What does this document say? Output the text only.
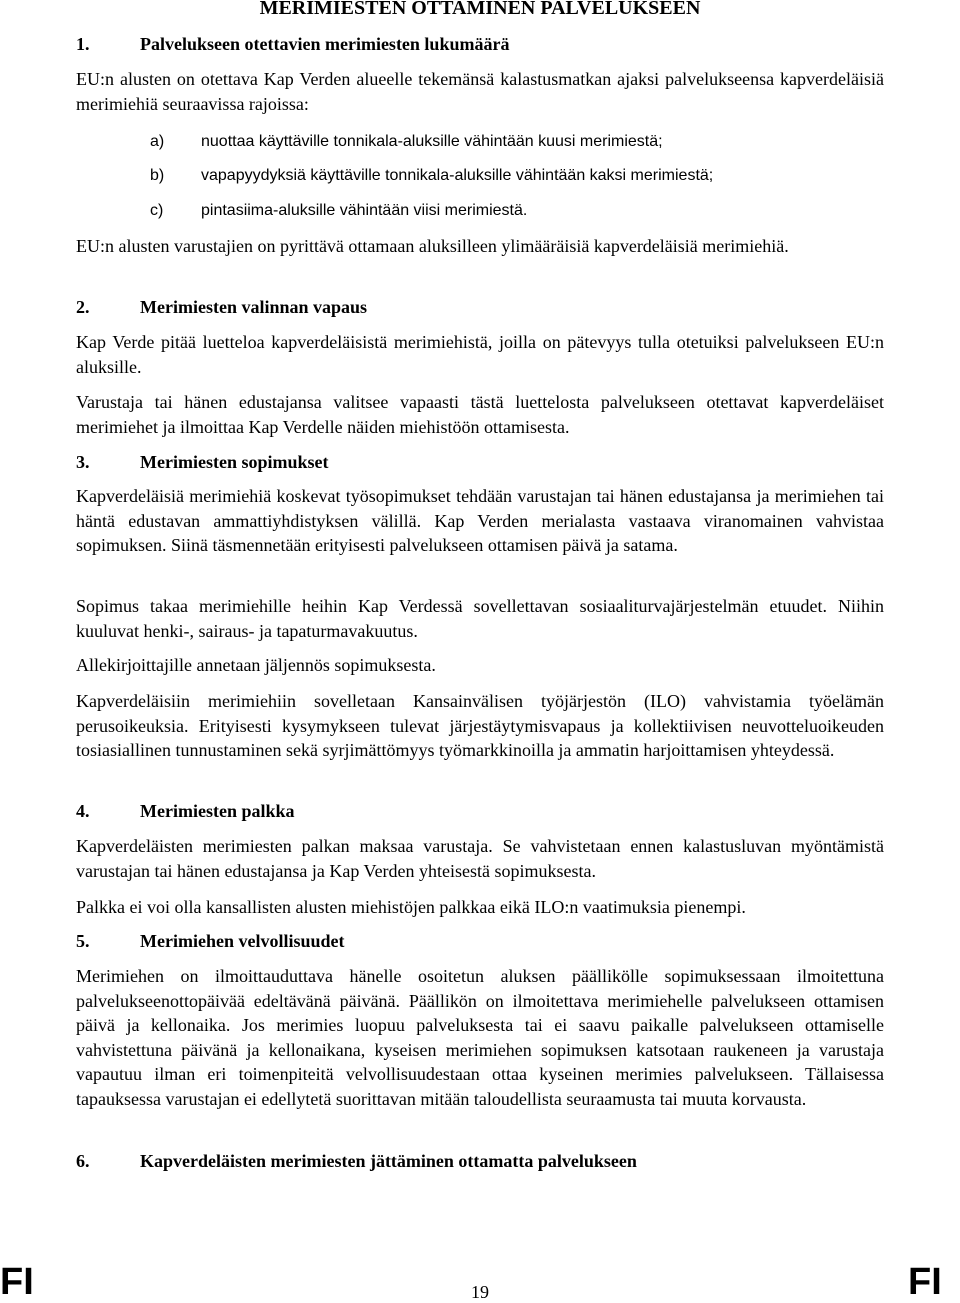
MERIMIESTEN OTTAMINEN PALVELUKSEEN
1.	Palvelukseen otettavien merimiesten lukumäärä

EU:n alusten on otettava Kap Verden alueelle tekemänsä kalastusmatkan ajaksi palvelukseensa kapverdeläisiä merimiehiä seuraavissa rajoissa:

a) nuottaa käyttäville tonnikala-aluksille vähintään kuusi merimiestä;
b) vapapyydyksiä käyttäville tonnikala-aluksille vähintään kaksi merimiestä;
c) pintasiima-aluksille vähintään viisi merimiestä.

EU:n alusten varustajien on pyrittävä ottamaan aluksilleen ylimääräisiä kapverdeläisiä merimiehiä.

2.	Merimiesten valinnan vapaus

Kap Verde pitää luetteloa kapverdeläisistä merimiehistä, joilla on pätevyys tulla otetuiksi palvelukseen EU:n aluksille.

Varustaja tai hänen edustajansa valitsee vapaasti tästä luettelosta palvelukseen otettavat kapverdeläiset merimiehet ja ilmoittaa Kap Verdelle näiden miehistöön ottamisesta.

3.	Merimiesten sopimukset

Kapverdeläisiä merimiehiä koskevat työsopimukset tehdään varustajan tai hänen edustajansa ja merimiehen tai häntä edustavan ammattiyhdistyksen välillä. Kap Verden merialasta vastaava viranomainen vahvistaa sopimuksen. Siinä täsmennetään erityisesti palvelukseen ottamisen päivä ja satama.

Sopimus takaa merimiehille heihin Kap Verdessä sovellettavan sosiaaliturvajärjestelmän etuudet. Niihin kuuluvat henki-, sairaus- ja tapaturmavakuutus.

Allekirjoittajille annetaan jäljennös sopimuksesta.

Kapverdeläisiin merimiehiin sovelletaan Kansainvälisen työjärjestön (ILO) vahvistamia työelämän perusoikeuksia. Erityisesti kysymykseen tulevat järjestäytymisvapaus ja kollektiivisen neuvotteluoikeuden tosiasiallinen tunnustaminen sekä syrjimättömyys työmarkkinoilla ja ammatin harjoittamisen yhteydessä.

4.	Merimiesten palkka

Kapverdeläisten merimiesten palkan maksaa varustaja. Se vahvistetaan ennen kalastusluvan myöntämistä varustajan tai hänen edustajansa ja Kap Verden yhteisestä sopimuksesta.

Palkka ei voi olla kansallisten alusten miehistöjen palkkaa eikä ILO:n vaatimuksia pienempi.

5.	Merimiehen velvollisuudet

Merimiehen on ilmoittauduttava hänelle osoitetun aluksen päällikölle sopimuksessaan ilmoitettuna palvelukseenottopäivää edeltävänä päivänä. Päällikön on ilmoitettava merimiehelle palvelukseen ottamisen päivä ja kellonaika. Jos merimies luopuu palveluksesta tai ei saavu paikalle palvelukseen ottamiselle vahvistettuna päivänä ja kellonaikana, kyseisen merimiehen sopimuksen katsotaan raukeneen ja varustaja vapautuu ilman eri toimenpiteitä velvollisuudestaan ottaa kyseinen merimies palvelukseen. Tällaisessa tapauksessa varustajan ei edellytetä suorittavan mitään taloudellista seuraamusta tai muuta korvausta.

6.	Kapverdeläisten merimiesten jättäminen ottamatta palvelukseen
FI	19	FI
